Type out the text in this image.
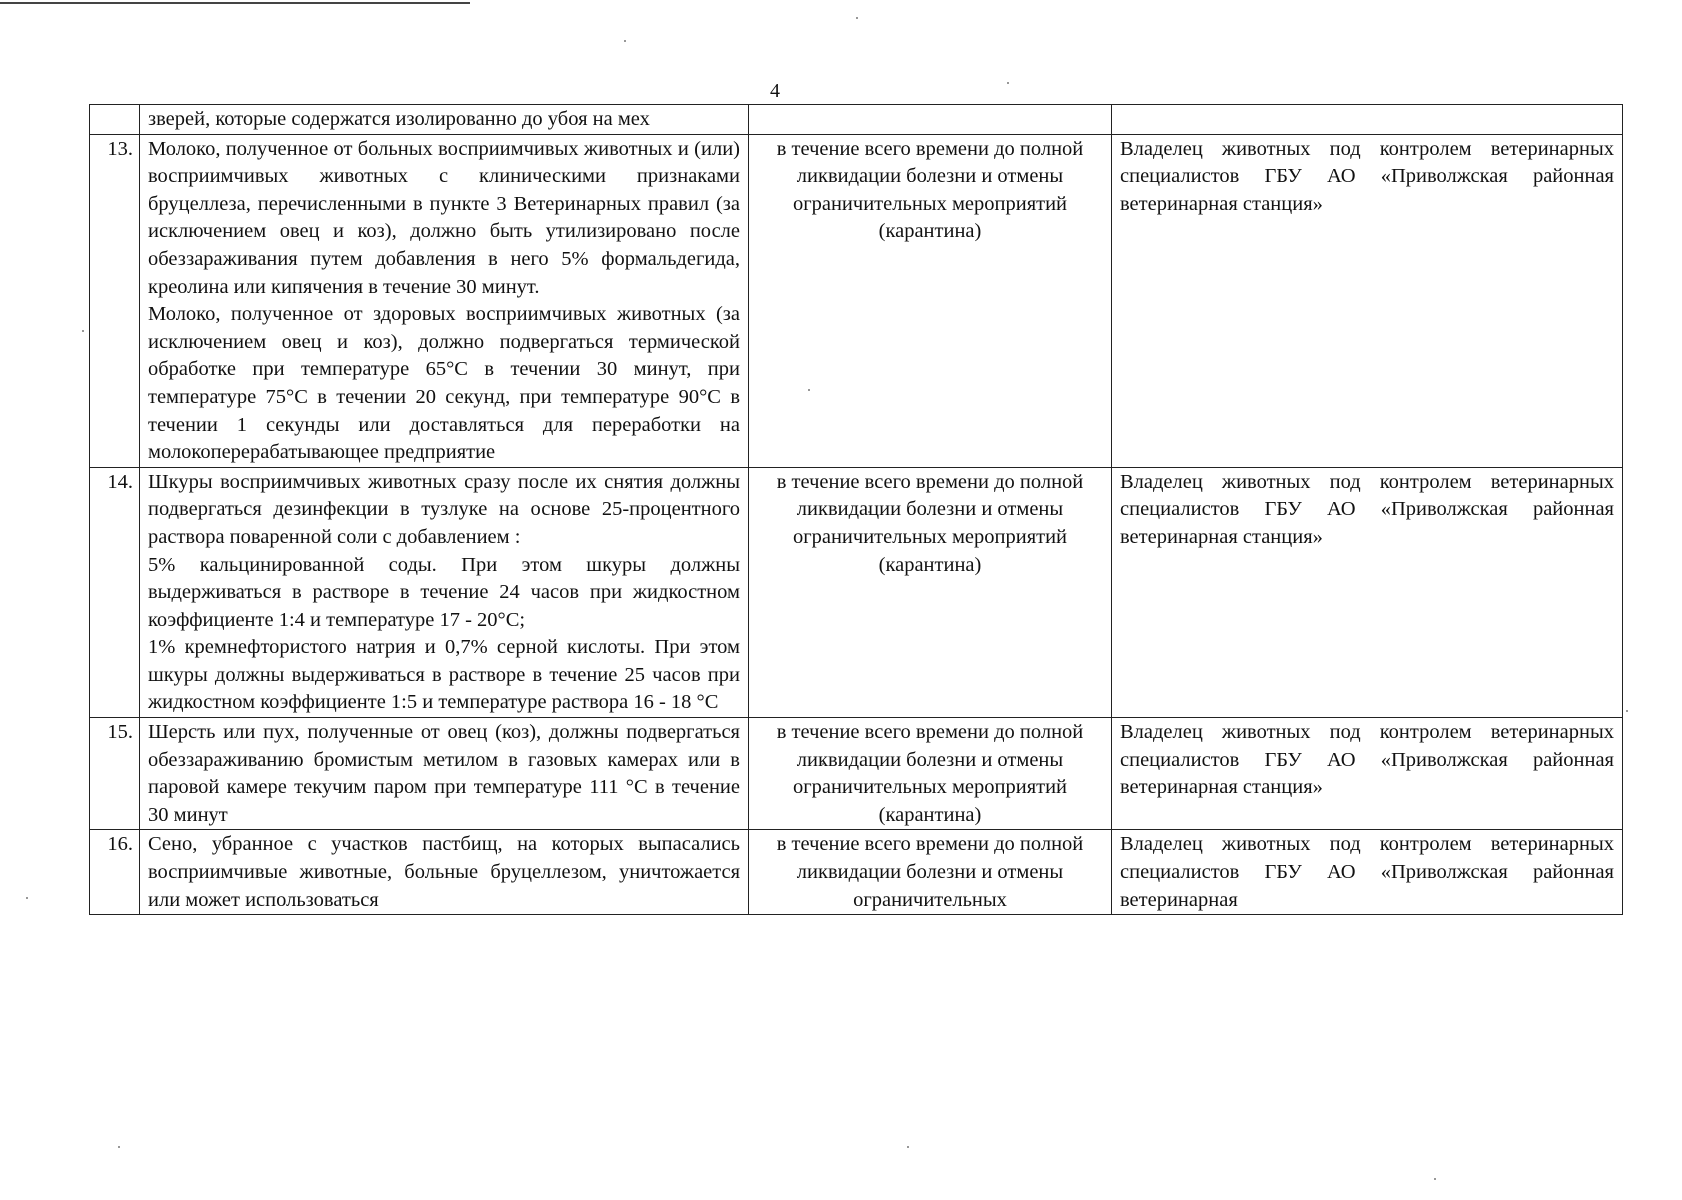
4

	зверей, которые содержатся изолированно до убоя на мех		

13.	Молоко, полученное от больных восприимчивых животных и (или) восприимчивых животных с клиническими признаками бруцеллеза, перечисленными в пункте 3 Ветеринарных правил (за исключением овец и коз), должно быть утилизировано после обеззараживания путем добавления в него 5% формальдегида, креолина или кипячения в течение 30 минут.

Молоко, полученное от здоровых восприимчивых животных (за исключением овец и коз), должно подвергаться термической обработке при температуре 65°С в течении 30 минут, при температуре 75°С в течении 20 секунд, при температуре 90°С в течении 1 секунды или доставляться для переработки на молокоперерабатывающее предприятие	в течение всего времени до полной ликвидации болезни и отмены ограничительных мероприятий (карантина)	Владелец животных под контролем ветеринарных специалистов ГБУ АО «Приволжская районная ветеринарная станция»
14.	Шкуры восприимчивых животных сразу после их снятия должны подвергаться дезинфекции в тузлуке на основе 25-процентного раствора поваренной соли с добавлением :

5% кальцинированной соды. При этом шкуры должны выдерживаться в растворе в течение 24 часов при жидкостном коэффициенте 1:4 и температуре 17 - 20°С;

1% кремнефтористого натрия и 0,7% серной кислоты. При этом шкуры должны выдерживаться в растворе в течение 25 часов при жидкостном коэффициенте 1:5 и температуре раствора 16 - 18 °С	в течение всего времени до полной ликвидации болезни и отмены ограничительных мероприятий (карантина)	Владелец животных под контролем ветеринарных специалистов ГБУ АО «Приволжская районная ветеринарная станция»
15.	Шерсть или пух, полученные от овец (коз), должны подвергаться обеззараживанию бромистым метилом в газовых камерах или в паровой камере текучим паром при температуре 111 °С в течение 30 минут	в течение всего времени до полной ликвидации болезни и отмены ограничительных мероприятий (карантина)	Владелец животных под контролем ветеринарных специалистов ГБУ АО «Приволжская районная ветеринарная станция»
16.	Сено, убранное с участков пастбищ, на которых выпасались восприимчивые животные, больные бруцеллезом, уничтожается или может использоваться	в течение всего времени до полной ликвидации болезни и отмены ограничительных	Владелец животных под контролем ветеринарных специалистов ГБУ АО «Приволжская районная ветеринарная
